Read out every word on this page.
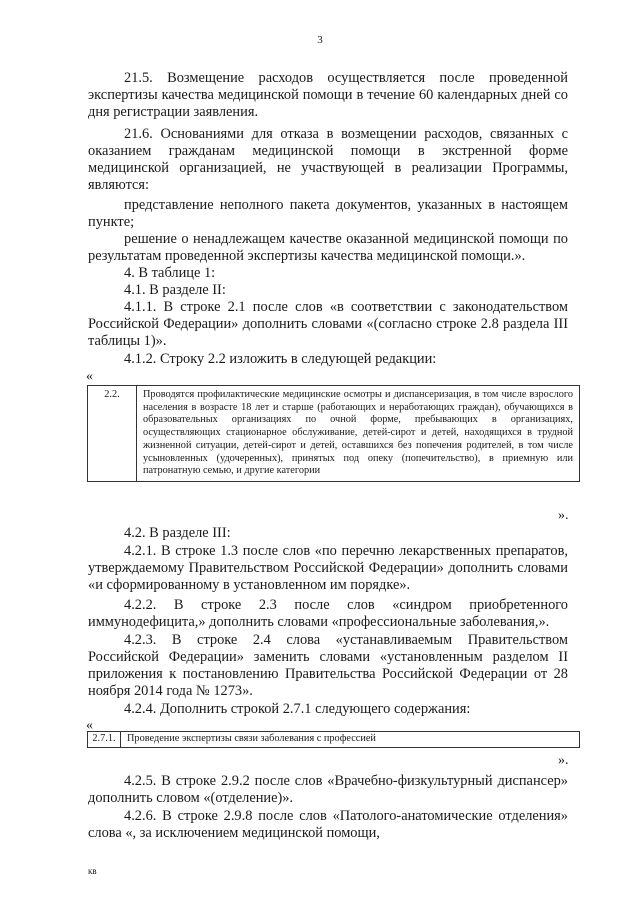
3
21.5. Возмещение расходов осуществляется после проведенной экспертизы качества медицинской помощи в течение 60 календарных дней со дня регистрации заявления.
21.6. Основаниями для отказа в возмещении расходов, связанных с оказанием гражданам медицинской помощи в экстренной форме медицинской организацией, не участвующей в реализации Программы, являются:
представление неполного пакета документов, указанных в настоящем пункте;
решение о ненадлежащем качестве оказанной медицинской помощи по результатам проведенной экспертизы качества медицинской помощи.».
4. В таблице 1:
4.1. В разделе II:
4.1.1. В строке 2.1 после слов «в соответствии с законодательством Российской Федерации» дополнить словами «(согласно строке 2.8 раздела III таблицы 1)».
4.1.2. Строку 2.2 изложить в следующей редакции:
«
2.2.	Проводятся профилактические медицинские осмотры и диспансеризация, в том числе взрослого населения в возрасте 18 лет и старше (работающих и неработающих граждан), обучающихся в образовательных организациях по очной форме, пребывающих в организациях, осуществляющих стационарное обслуживание, детей-сирот и детей, находящихся в трудной жизненной ситуации, детей-сирот и детей, оставшихся без попечения родителей, в том числе усыновленных (удочеренных), принятых под опеку (попечительство), в приемную или патронатную семью, и другие категории
».
4.2. В разделе III:
4.2.1. В строке 1.3 после слов «по перечню лекарственных препаратов, утверждаемому Правительством Российской Федерации» дополнить словами «и сформированному в установленном им порядке».
4.2.2. В строке 2.3 после слов «синдром приобретенного иммунодефицита,» дополнить словами «профессиональные заболевания,».
4.2.3. В строке 2.4 слова «устанавливаемым Правительством Российской Федерации» заменить словами «установленным разделом II приложения к постановлению Правительства Российской Федерации от 28 ноября 2014 года № 1273».
4.2.4. Дополнить строкой 2.7.1 следующего содержания:
«
2.7.1.	Проведение экспертизы связи заболевания с профессией
».
4.2.5. В строке 2.9.2 после слов «Врачебно-физкультурный диспансер» дополнить словом «(отделение)».
4.2.6. В строке 2.9.8 после слов «Патолого-анатомические отделения» слова «, за исключением медицинской помощи,
кв
